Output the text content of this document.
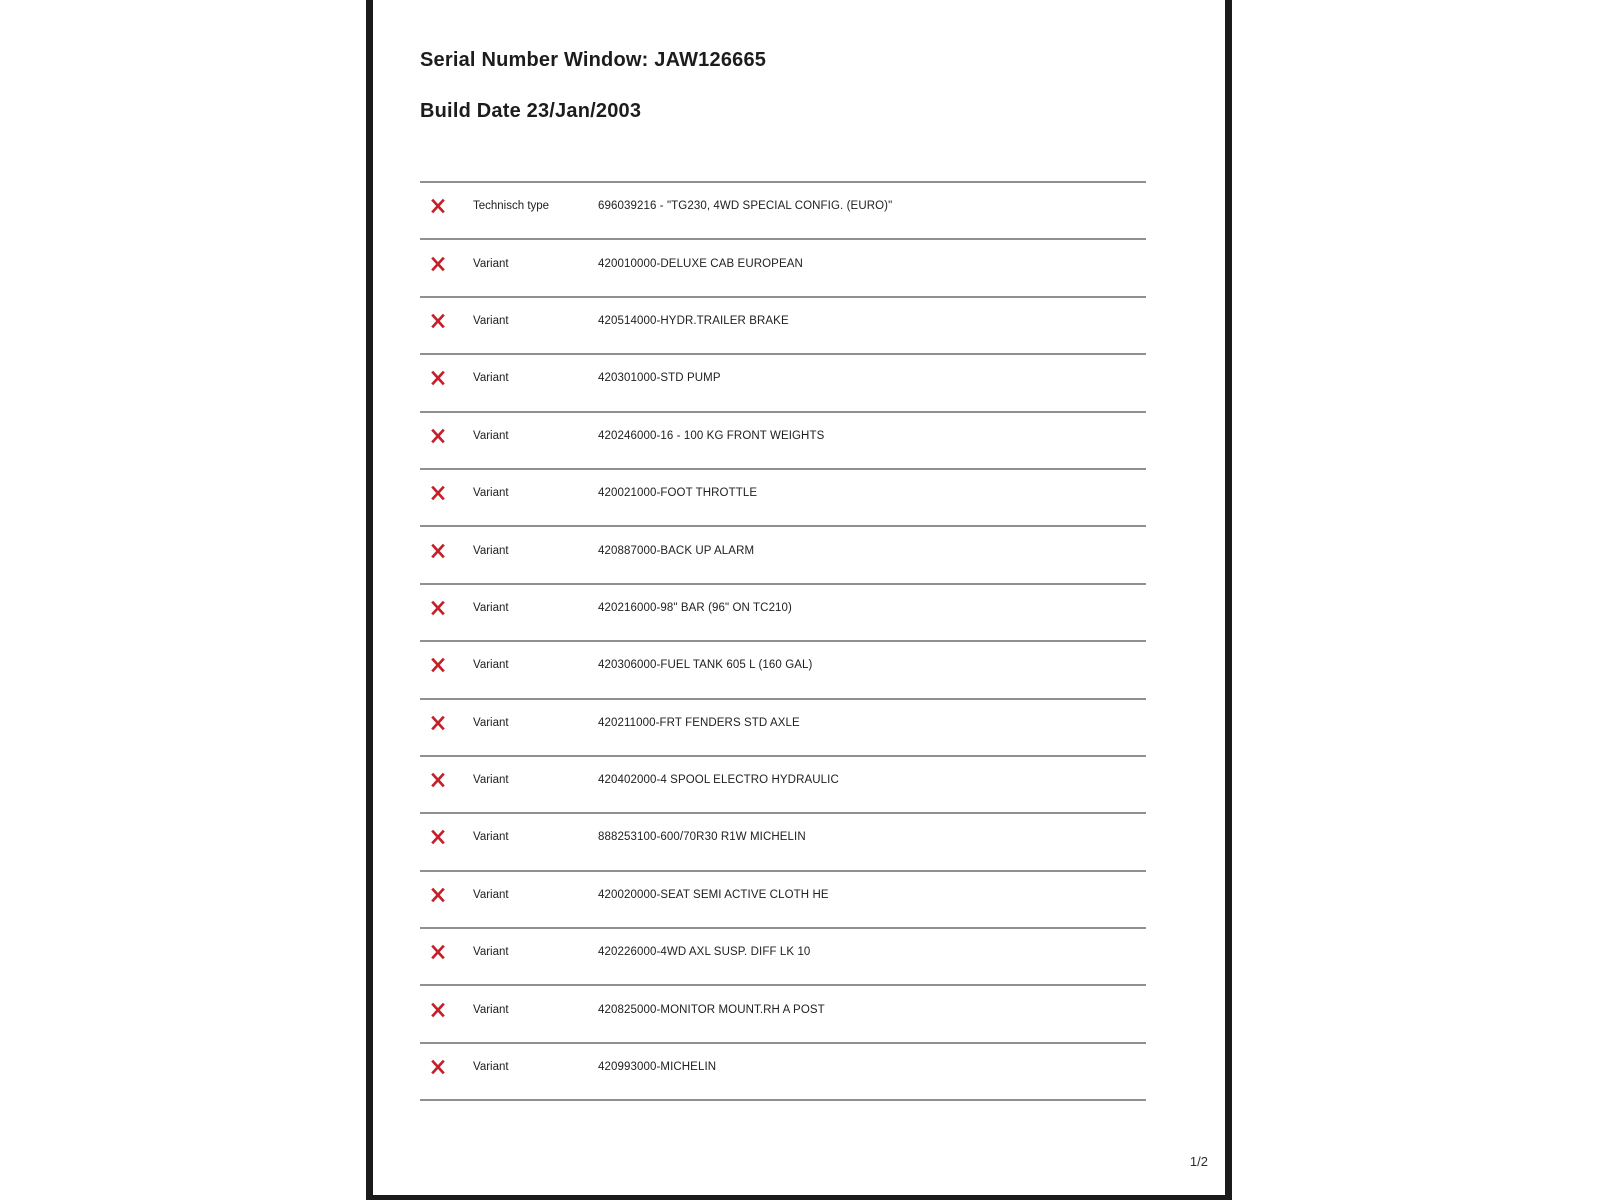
Serial Number Window: JAW126665
Build Date 23/Jan/2003
Technisch type	696039216 - "TG230, 4WD SPECIAL CONFIG. (EURO)"
Variant	420010000-DELUXE CAB EUROPEAN
Variant	420514000-HYDR.TRAILER BRAKE
Variant	420301000-STD PUMP
Variant	420246000-16 - 100 KG FRONT WEIGHTS
Variant	420021000-FOOT THROTTLE
Variant	420887000-BACK UP ALARM
Variant	420216000-98" BAR (96" ON TC210)
Variant	420306000-FUEL TANK 605 L (160 GAL)
Variant	420211000-FRT FENDERS STD AXLE
Variant	420402000-4 SPOOL ELECTRO HYDRAULIC
Variant	888253100-600/70R30 R1W MICHELIN
Variant	420020000-SEAT SEMI ACTIVE CLOTH HE
Variant	420226000-4WD AXL SUSP. DIFF LK 10
Variant	420825000-MONITOR MOUNT.RH A POST
Variant	420993000-MICHELIN
1/2
